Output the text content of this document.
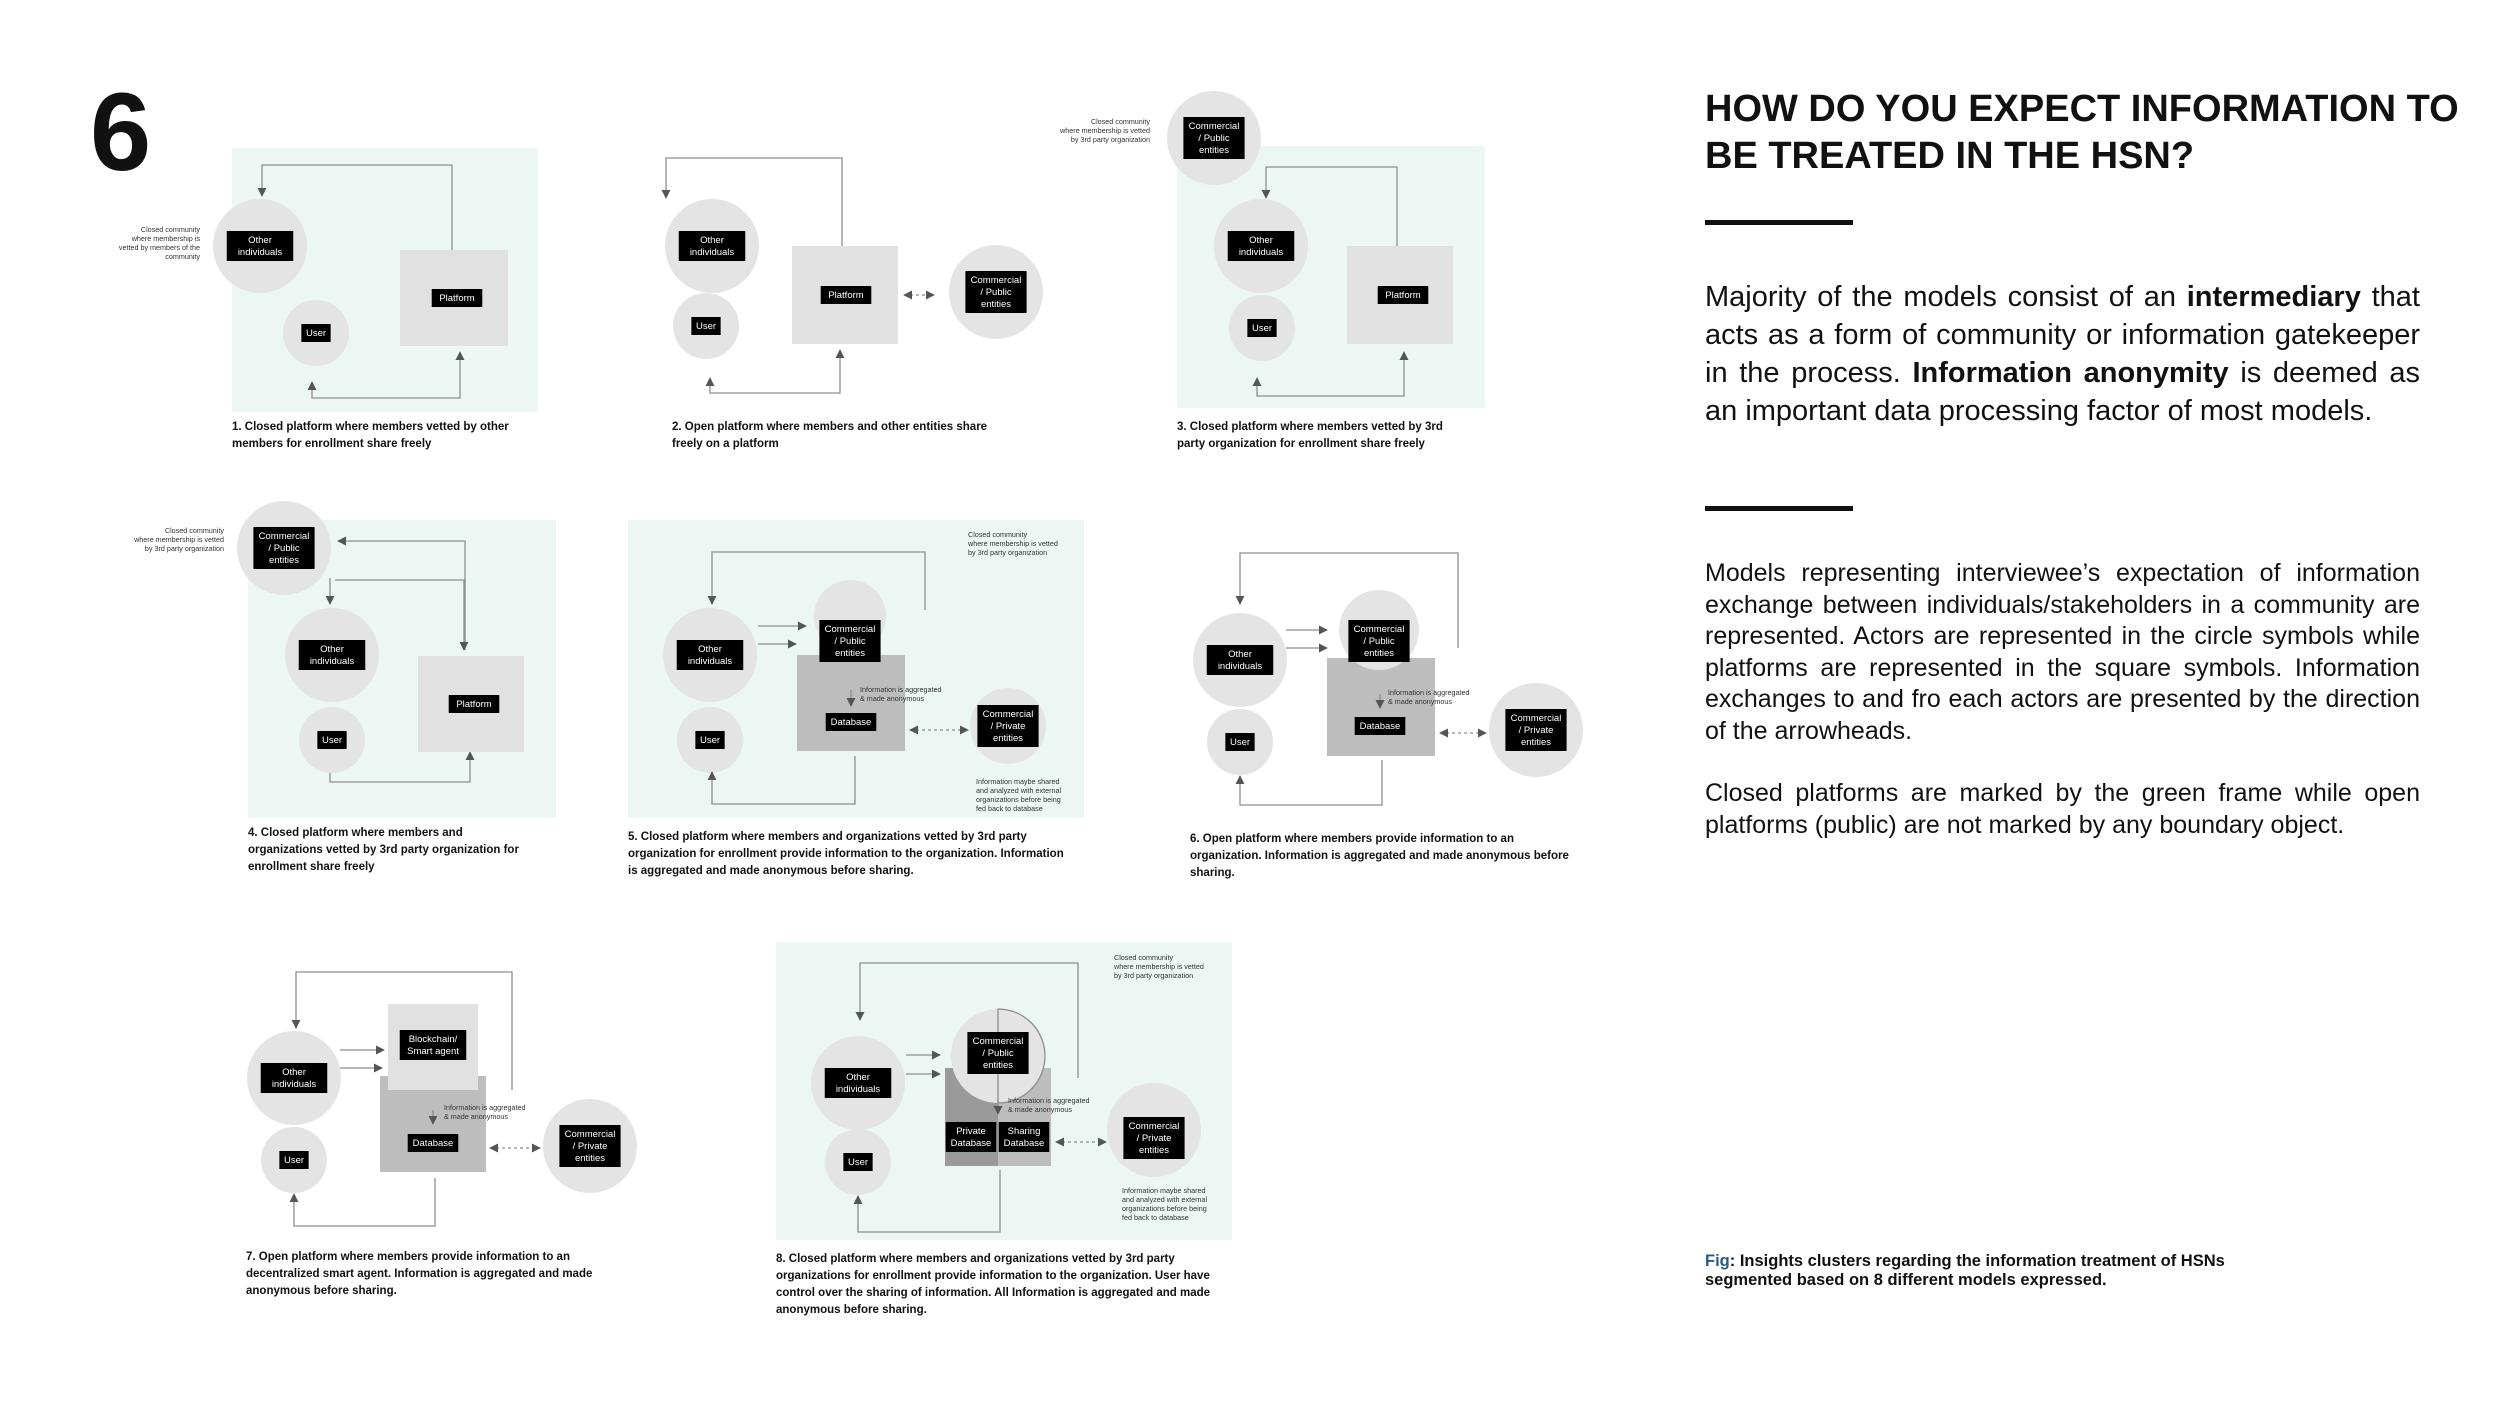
6
Other
individuals
User
Platform
Closed community
where membership is
vetted by members of the
community
1. Closed platform where members vetted by other
members for enrollment share freely
Other
individuals
User
Platform
Commercial
/ Public
entities
2. Open platform where members and other entities share
freely on a platform
Commercial
/ Public
entities
Other
individuals
User
Platform
Closed community
where membership is vetted
by 3rd party organization
3. Closed platform where members vetted by 3rd
party organization for enrollment share freely
Commercial
/ Public
entities
Other
individuals
User
Platform
Closed community
where membership is vetted
by 3rd party organization
4. Closed platform where members and
organizations vetted by 3rd party organization for
enrollment share freely
Other
individuals
User
Commercial
/ Public
entities
Database
Commercial
/ Private
entities
Information is aggregated
& made anonymous
Closed community
where membership is vetted
by 3rd party organization
Information maybe shared
and analyzed with external
organizations before being
fed back to database
5. Closed platform where members and organizations vetted by 3rd party
organization for enrollment provide information to the organization. Information
is aggregated and made anonymous before sharing.
Other
individuals
User
Commercial
/ Public
entities
Database
Commercial
/ Private
entities
Information is aggregated
& made anonymous
6. Open platform where members provide information to an
organization. Information is aggregated and made anonymous before
sharing.
Other
individuals
User
Blockchain/
Smart agent
Database
Commercial
/ Private
entities
Information is aggregated
& made anonymous
7. Open platform where members provide information to an
decentralized smart agent. Information is aggregated and made
anonymous before sharing.
Other
individuals
User
Commercial
/ Public
entities
Private
Database
Sharing
Database
Commercial
/ Private
entities
Information is aggregated
& made anonymous
Closed community
where membership is vetted
by 3rd party organization
Information maybe shared
and analyzed with external
organizations before being
fed back to database
8. Closed platform where members and organizations vetted by 3rd party
organizations for enrollment provide information to the organization. User have
control over the sharing of information. All Information is aggregated and made
anonymous before sharing.
HOW DO YOU EXPECT INFORMATION TO BE TREATED IN THE HSN?
Majority of the models consist of an intermediary that acts as a form of community or information gatekeeper in the process. Information anonymity is deemed as an important data processing factor of most models.

Models representing interviewee’s expectation of information exchange between individuals/stakeholders in a community are represented. Actors are represented in the circle symbols while platforms are represented in the square symbols. Information exchanges to and fro each actors are presented by the direction of the arrowheads.

Closed platforms are marked by the green frame while open platforms (public) are not marked by any boundary object.

Fig: Insights clusters regarding the information treatment of HSNs segmented based on 8 different models expressed.
